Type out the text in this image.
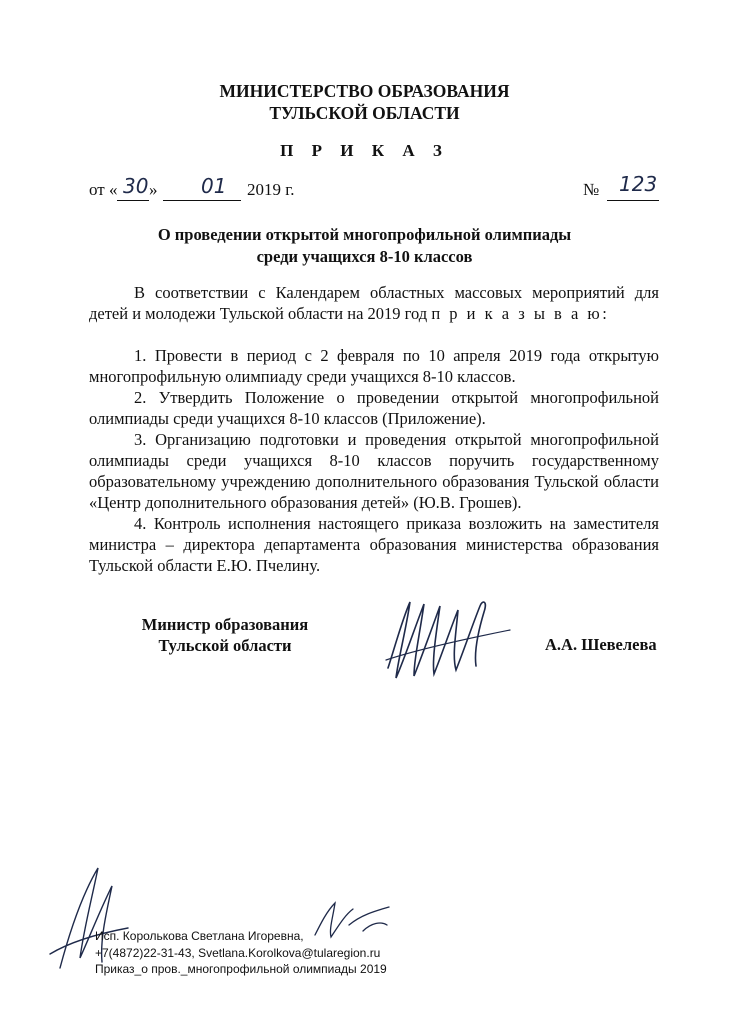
МИНИСТЕРСТВО ОБРАЗОВАНИЯ
ТУЛЬСКОЙ ОБЛАСТИ
П Р И К А З
от « 30 » 01 2019 г.	№ 123
О проведении открытой многопрофильной олимпиады
среди учащихся 8-10 классов

В соответствии с Календарем областных массовых мероприятий для детей и молодежи Тульской области на 2019 год п р и к а з ы в а ю:

1. Провести в период с 2 февраля по 10 апреля 2019 года открытую многопрофильную олимпиаду среди учащихся 8-10 классов.

2. Утвердить Положение о проведении открытой многопрофильной олимпиады среди учащихся 8-10 классов (Приложение).

3. Организацию подготовки и проведения открытой многопрофильной олимпиады среди учащихся 8-10 классов поручить государственному образовательному учреждению дополнительного образования Тульской области «Центр дополнительного образования детей» (Ю.В. Грошев).

4. Контроль исполнения настоящего приказа возложить на заместителя министра – директора департамента образования министерства образования Тульской области Е.Ю. Пчелину.

Министр образования
Тульской области	А.А. Шевелева
Исп. Королькова Светлана Игоревна,
+7(4872)22-31-43, Svetlana.Korolkova@tularegion.ru
Приказ_о пров._многопрофильной олимпиады 2019
